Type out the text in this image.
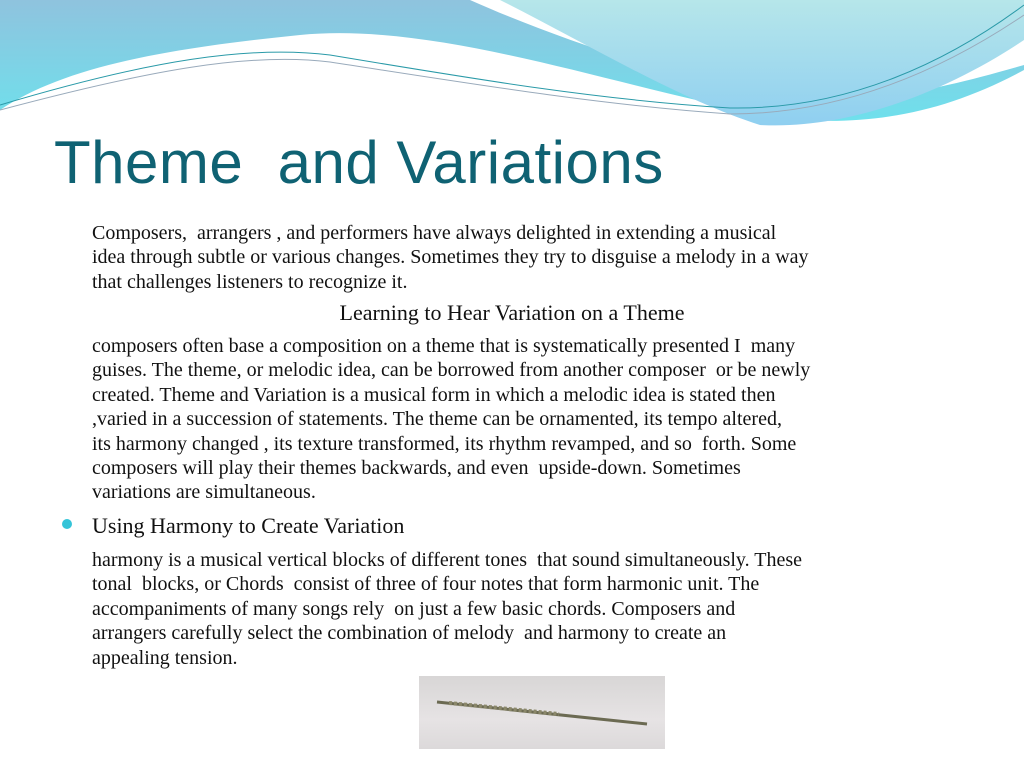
Theme  and Variations
Composers,  arrangers , and performers have always delighted in extending a musical
idea through subtle or various changes. Sometimes they try to disguise a melody in a way
that challenges listeners to recognize it.
Learning to Hear Variation on a Theme
composers often base a composition on a theme that is systematically presented I  many
guises. The theme, or melodic idea, can be borrowed from another composer  or be newly
created. Theme and Variation is a musical form in which a melodic idea is stated then
,varied in a succession of statements. The theme can be ornamented, its tempo altered,
its harmony changed , its texture transformed, its rhythm revamped, and so  forth. Some
composers will play their themes backwards, and even  upside-down. Sometimes
variations are simultaneous.
Using Harmony to Create Variation
harmony is a musical vertical blocks of different tones  that sound simultaneously. These
tonal  blocks, or Chords  consist of three of four notes that form harmonic unit. The
accompaniments of many songs rely  on just a few basic chords. Composers and
arrangers carefully select the combination of melody  and harmony to create an
appealing tension.
